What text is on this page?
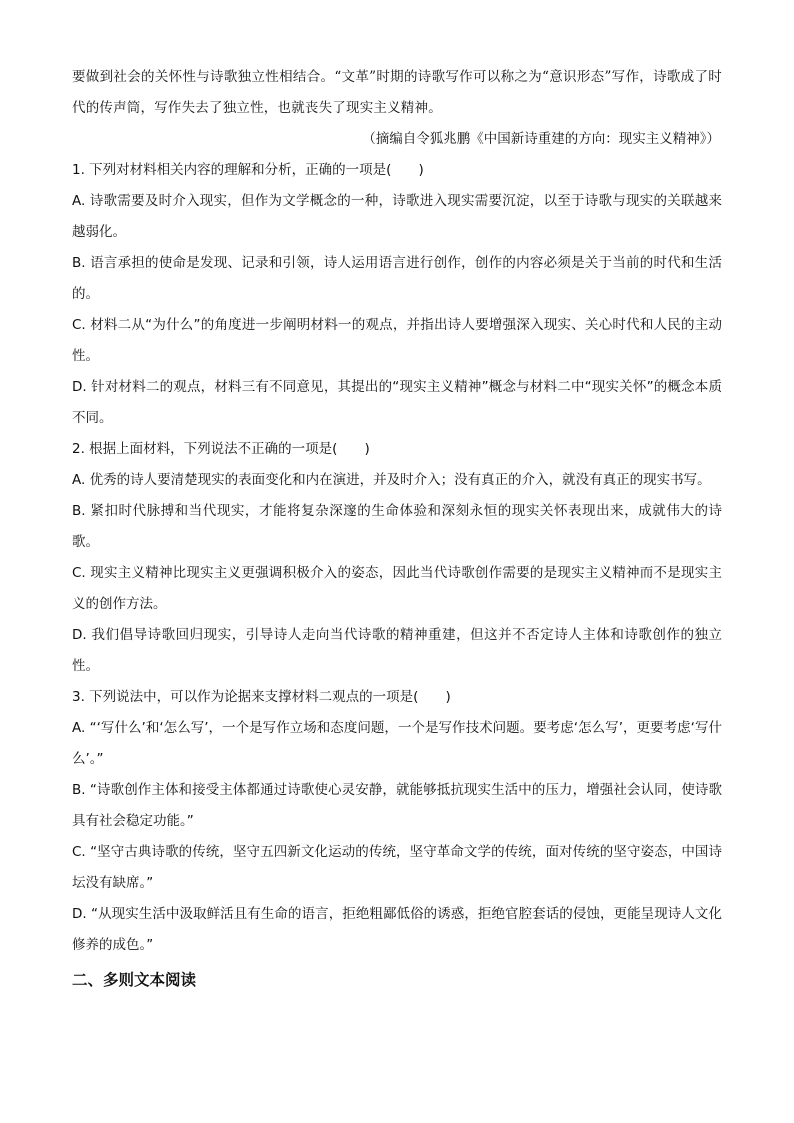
要做到社会的关怀性与诗歌独立性相结合。“文革”时期的诗歌写作可以称之为“意识形态”写作，诗歌成了时代的传声筒，写作失去了独立性，也就丧失了现实主义精神。

（摘编自令狐兆鹏《中国新诗重建的方向：现实主义精神》）

1. 下列对材料相关内容的理解和分析，正确的一项是(　　)

A. 诗歌需要及时介入现实，但作为文学概念的一种，诗歌进入现实需要沉淀，以至于诗歌与现实的关联越来越弱化。

B. 语言承担的使命是发现、记录和引领，诗人运用语言进行创作，创作的内容必须是关于当前的时代和生活的。

C. 材料二从“为什么”的角度进一步阐明材料一的观点，并指出诗人要增强深入现实、关心时代和人民的主动性。

D. 针对材料二的观点，材料三有不同意见，其提出的“现实主义精神”概念与材料二中“现实关怀”的概念本质不同。

2. 根据上面材料，下列说法不正确的一项是(　　)

A. 优秀的诗人要清楚现实的表面变化和内在演进，并及时介入；没有真正的介入，就没有真正的现实书写。

B. 紧扣时代脉搏和当代现实，才能将复杂深邃的生命体验和深刻永恒的现实关怀表现出来，成就伟大的诗歌。

C. 现实主义精神比现实主义更强调积极介入的姿态，因此当代诗歌创作需要的是现实主义精神而不是现实主义的创作方法。

D. 我们倡导诗歌回归现实，引导诗人走向当代诗歌的精神重建，但这并不否定诗人主体和诗歌创作的独立性。

3. 下列说法中，可以作为论据来支撑材料二观点的一项是(　　)

A. “‘写什么’和‘怎么写’，一个是写作立场和态度问题，一个是写作技术问题。要考虑‘怎么写’，更要考虑‘写什么’。”

B. “诗歌创作主体和接受主体都通过诗歌使心灵安静，就能够抵抗现实生活中的压力，增强社会认同，使诗歌具有社会稳定功能。”

C. “坚守古典诗歌的传统，坚守五四新文化运动的传统，坚守革命文学的传统，面对传统的坚守姿态，中国诗坛没有缺席。”

D. “从现实生活中汲取鲜活且有生命的语言，拒绝粗鄙低俗的诱惑，拒绝官腔套话的侵蚀，更能呈现诗人文化修养的成色。”

二、多则文本阅读
